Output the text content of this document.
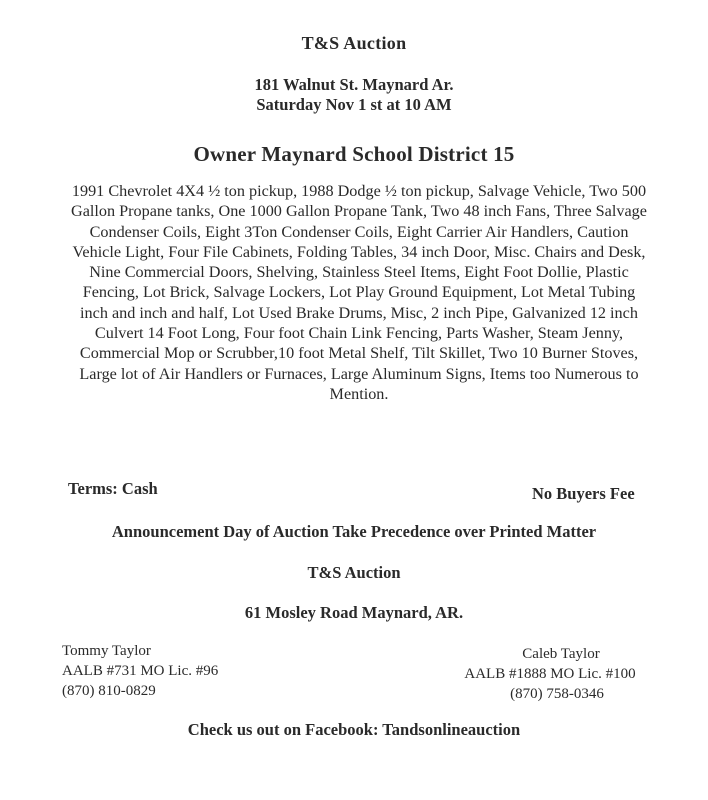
T&S Auction
181 Walnut St. Maynard Ar.
Saturday Nov 1 st at 10 AM
Owner Maynard School District 15
1991 Chevrolet 4X4 ½ ton pickup, 1988 Dodge ½ ton pickup, Salvage Vehicle, Two 500 Gallon Propane tanks, One 1000 Gallon Propane Tank, Two 48 inch Fans, Three Salvage Condenser Coils, Eight 3Ton Condenser Coils, Eight Carrier Air Handlers, Caution Vehicle Light, Four File Cabinets, Folding Tables, 34 inch Door, Misc. Chairs and Desk, Nine Commercial Doors, Shelving, Stainless Steel Items, Eight Foot Dollie, Plastic Fencing, Lot Brick, Salvage Lockers, Lot Play Ground Equipment, Lot Metal Tubing inch and inch and half, Lot Used Brake Drums, Misc, 2 inch Pipe, Galvanized 12 inch Culvert 14 Foot Long, Four foot Chain Link Fencing, Parts Washer, Steam Jenny, Commercial Mop or Scrubber,10 foot Metal Shelf, Tilt Skillet, Two 10 Burner Stoves, Large lot of Air Handlers or Furnaces, Large Aluminum Signs, Items too Numerous to Mention.
Terms: Cash	No Buyers Fee
Announcement Day of Auction Take Precedence over Printed Matter
T&S Auction
61 Mosley Road Maynard, AR.
Tommy Taylor
AALB #731 MO Lic. #96
(870) 810-0829
Caleb Taylor
AALB #1888 MO Lic. #100
(870) 758-0346
Check us out on Facebook: Tandsonlineauction
